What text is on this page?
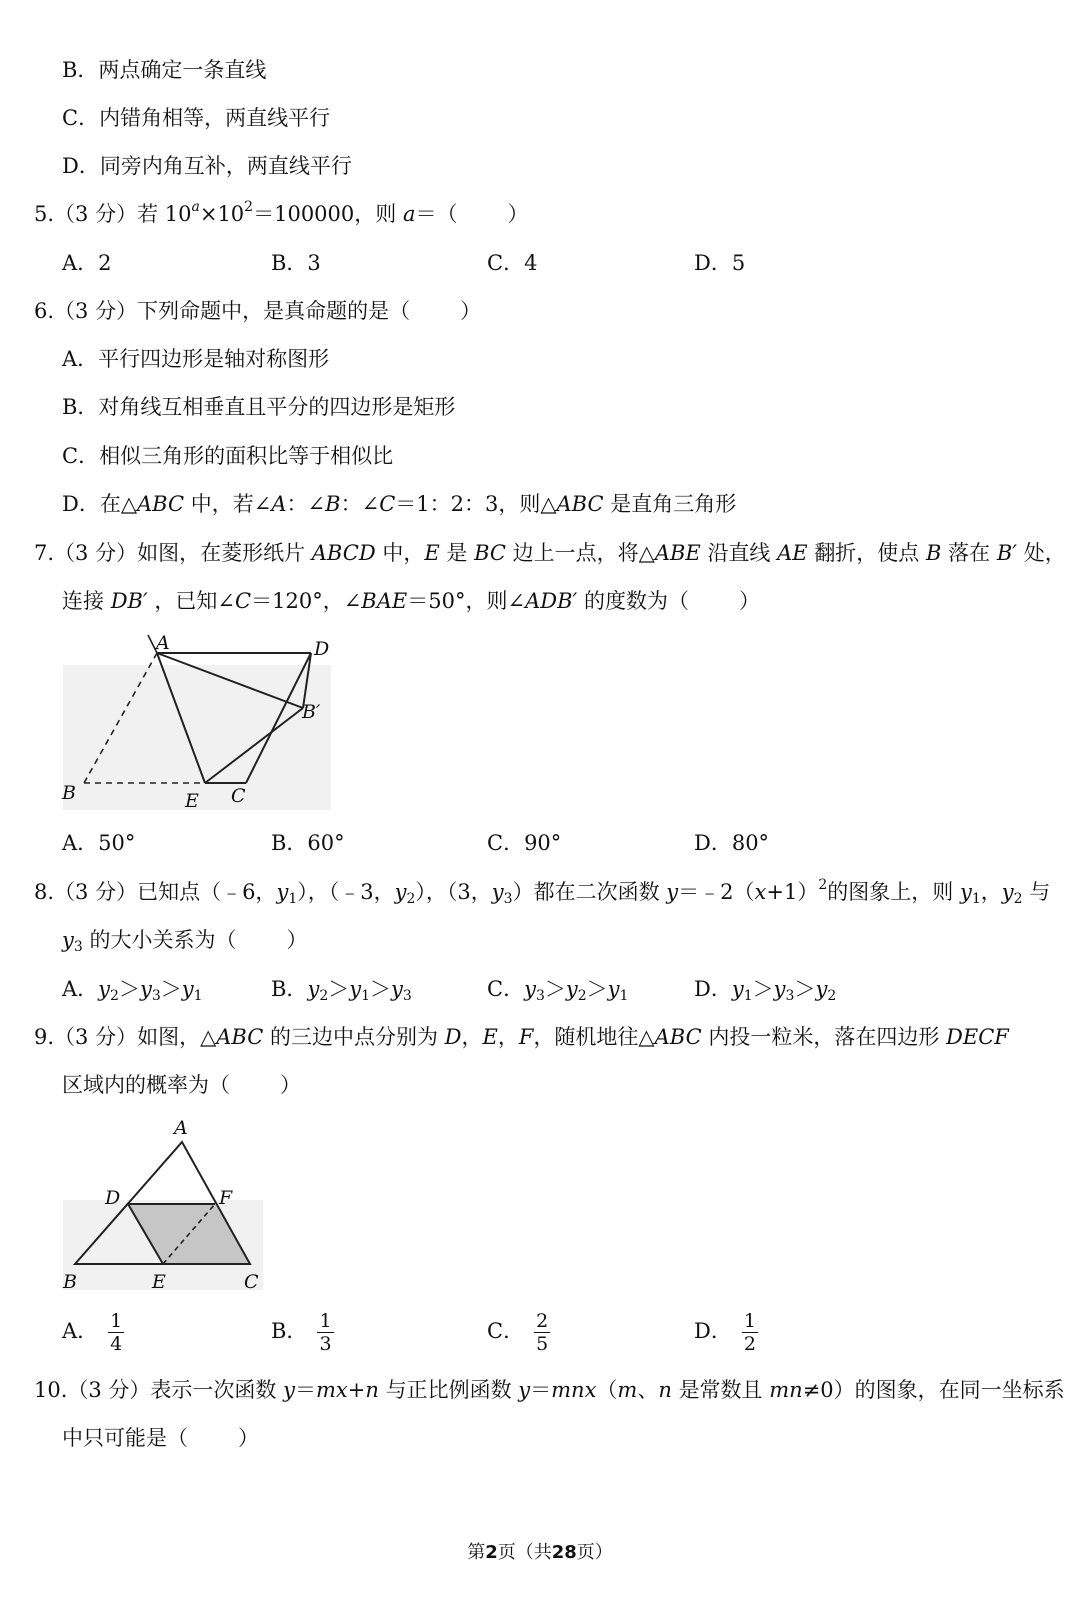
B．两点确定一条直线
C．内错角相等，两直线平行
D．同旁内角互补，两直线平行
5.（3 分）若 $10^a\times 10^2=100000$，则 a＝（ ）
A．2	B．3	C．4	D．5
6.（3 分）下列命题中，是真命题的是（ ）
A．平行四边形是轴对称图形
B．对角线互相垂直且平分的四边形是矩形
C．相似三角形的面积比等于相似比
D．在△ABC 中，若∠A：∠B：∠C＝1：2：3，则△ABC 是直角三角形
7.（3 分）如图，在菱形纸片 ABCD 中，E 是 BC 边上一点，将△ABE 沿直线 AE 翻折，使点 B 落在 B′ 处，
连接 DB′ ，已知∠C＝120°，∠BAE＝50°，则∠ADB′ 的度数为（ ）
A	D
B′
B	E C
A．50°	B．60°	C．90°	D．80°
8.（3 分）已知点（﹣6，$y_1$），（﹣3，$y_2$），（3，$y_3$）都在二次函数 $y=﹣2(x+1)^2$的图象上，则 $y_1$，$y_2$ 与
$y_3$ 的大小关系为（ ）
A．$y_2>y_3>y_1$	B．$y_2>y_1>y_3$	C．$y_3>y_2>y_1$	D．$y_1>y_3>y_2$
9.（3 分）如图，△ABC 的三边中点分别为 D，E，F，随机地往△ABC 内投一粒米，落在四边形 DECF
区域内的概率为（ ）
A
D	F
B	E	C
A． $\frac{1}{4}$	B． $\frac{1}{3}$	C． $\frac{2}{5}$	D． $\frac{1}{2}$
10.（3 分）表示一次函数 y＝mx+n 与正比例函数 y＝mnx（m、n 是常数且 mn≠0）的图象，在同一坐标系
中只可能是（ ）
第2页（共28页）
